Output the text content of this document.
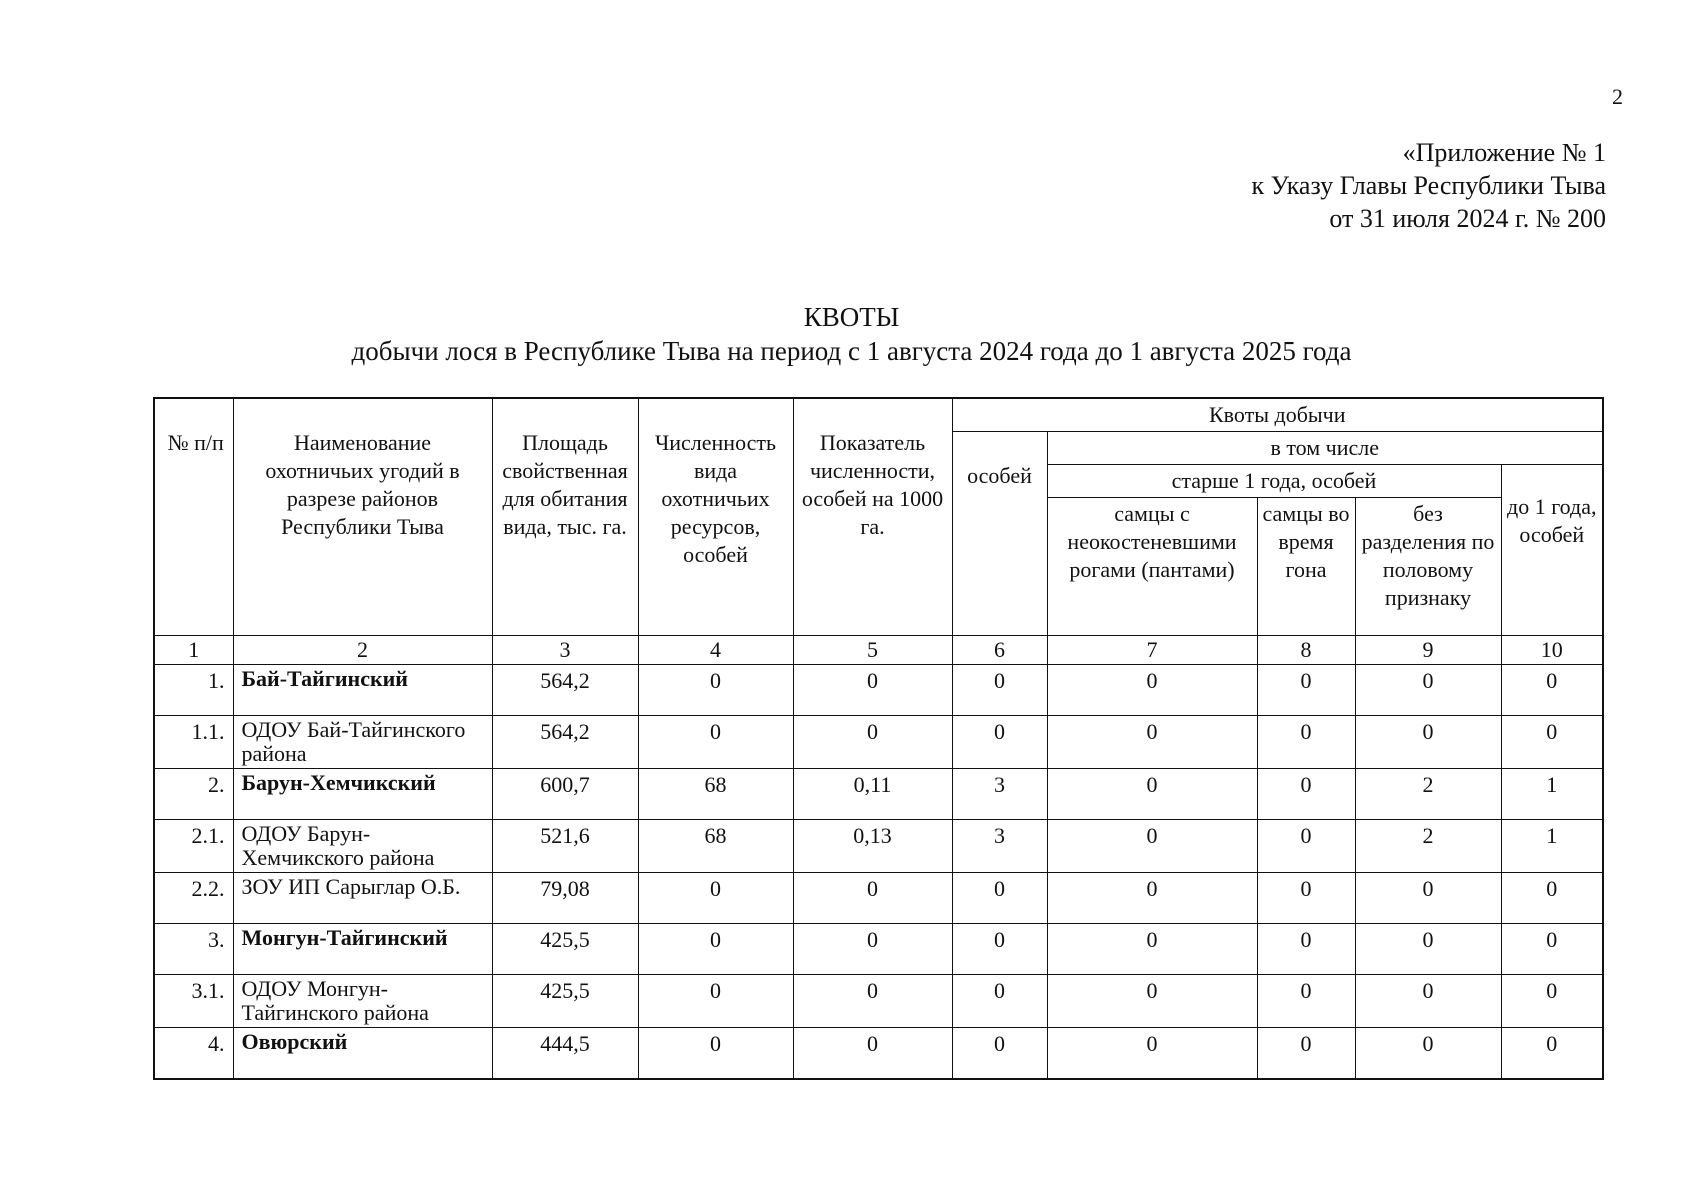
2
«Приложение № 1
к Указу Главы Республики Тыва
от 31 июля 2024 г. № 200
КВОТЫ
добычи лося в Республике Тыва на период с 1 августа 2024 года до 1 августа 2025 года
№ п/п	Наименование охотничьих угодий в разрезе районов Республики Тыва	Площадь свойственная для обитания вида, тыс. га.	Численность вида охотничьих ресурсов, особей	Показатель численности, особей на 1000 га.	Квоты добычи				
					особей	в том числе			
						старше 1 года, особей			до 1 года, особей
						самцы с неокостеневшими рогами (пантами)	самцы во время гона	без разделения по половому признаку	
1	2	3	4	5	6	7	8	9	10
1.	Бай-Тайгинский	564,2	0	0	0	0	0	0	0
1.1.	ОДОУ Бай-Тайгинского района	564,2	0	0	0	0	0	0	0
2.	Барун-Хемчикский	600,7	68	0,11	3	0	0	2	1
2.1.	ОДОУ Барун-Хемчикского района	521,6	68	0,13	3	0	0	2	1
2.2.	ЗОУ ИП Сарыглар О.Б.	79,08	0	0	0	0	0	0	0
3.	Монгун-Тайгинский	425,5	0	0	0	0	0	0	0
3.1.	ОДОУ Монгун-Тайгинского района	425,5	0	0	0	0	0	0	0
4.	Овюрский	444,5	0	0	0	0	0	0	0
